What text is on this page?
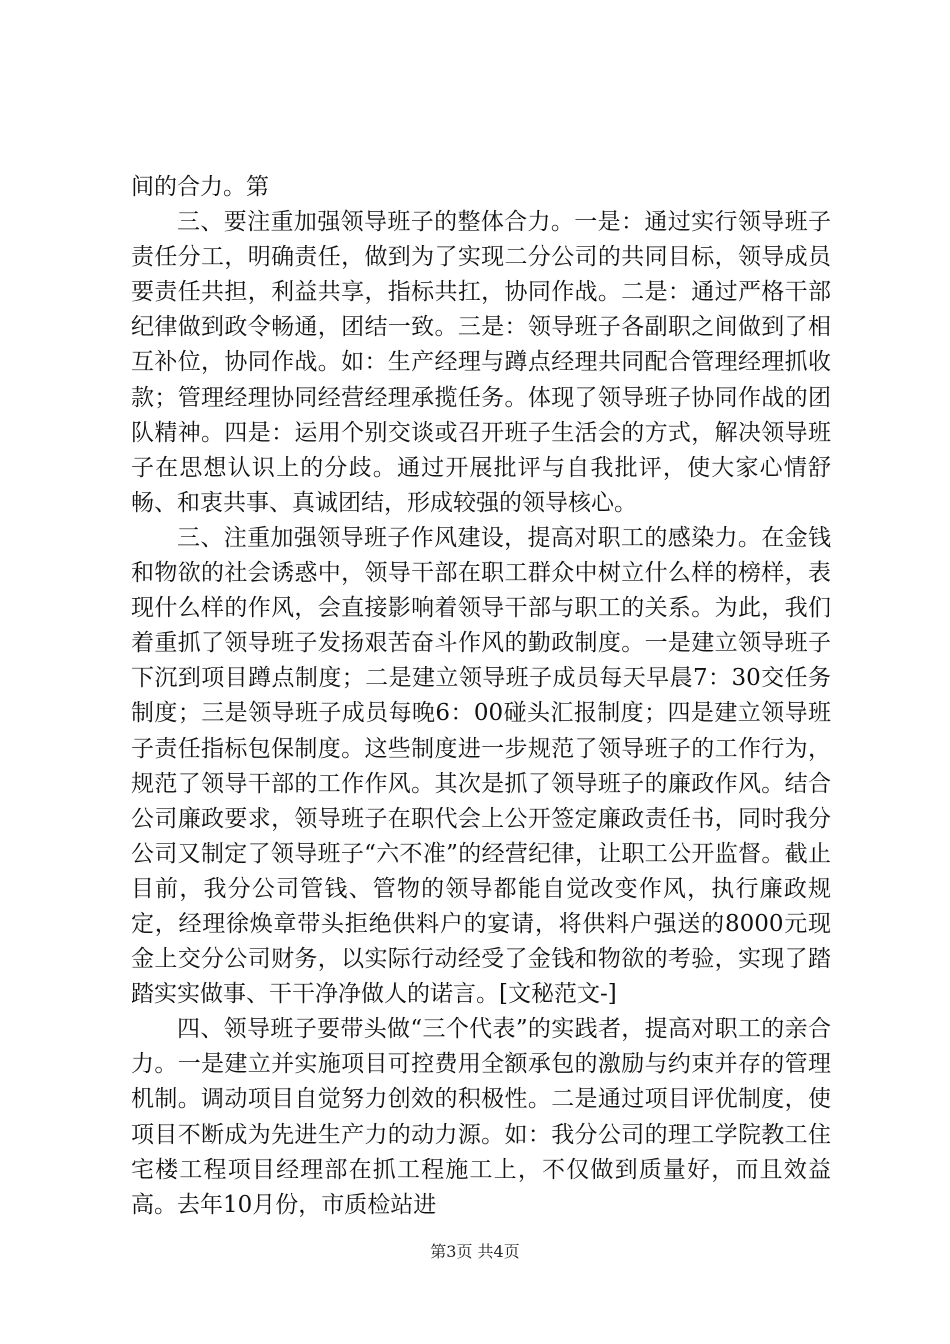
间的合力。第

三、要注重加强领导班子的整体合力。一是：通过实行领导班子责任分工，明确责任，做到为了实现二分公司的共同目标，领导成员要责任共担，利益共享，指标共扛，协同作战。二是：通过严格干部纪律做到政令畅通，团结一致。三是：领导班子各副职之间做到了相互补位，协同作战。如：生产经理与蹲点经理共同配合管理经理抓收款；管理经理协同经营经理承揽任务。体现了领导班子协同作战的团队精神。四是：运用个别交谈或召开班子生活会的方式，解决领导班子在思想认识上的分歧。通过开展批评与自我批评，使大家心情舒畅、和衷共事、真诚团结，形成较强的领导核心。

三、注重加强领导班子作风建设，提高对职工的感染力。在金钱和物欲的社会诱惑中，领导干部在职工群众中树立什么样的榜样，表现什么样的作风，会直接影响着领导干部与职工的关系。为此，我们着重抓了领导班子发扬艰苦奋斗作风的勤政制度。一是建立领导班子下沉到项目蹲点制度；二是建立领导班子成员每天早晨7：30交任务制度；三是领导班子成员每晚6：00碰头汇报制度；四是建立领导班子责任指标包保制度。这些制度进一步规范了领导班子的工作行为，规范了领导干部的工作作风。其次是抓了领导班子的廉政作风。结合公司廉政要求，领导班子在职代会上公开签定廉政责任书，同时我分公司又制定了领导班子“六不准”的经营纪律，让职工公开监督。截止目前，我分公司管钱、管物的领导都能自觉改变作风，执行廉政规定，经理徐焕章带头拒绝供料户的宴请，将供料户强送的8000元现金上交分公司财务，以实际行动经受了金钱和物欲的考验，实现了踏踏实实做事、干干净净做人的诺言。[文秘范文-]

四、领导班子要带头做“三个代表”的实践者，提高对职工的亲合力。一是建立并实施项目可控费用全额承包的激励与约束并存的管理机制。调动项目自觉努力创效的积极性。二是通过项目评优制度，使项目不断成为先进生产力的动力源。如：我分公司的理工学院教工住宅楼工程项目经理部在抓工程施工上，不仅做到质量好，而且效益高。去年10月份，市质检站进

第3页 共4页
